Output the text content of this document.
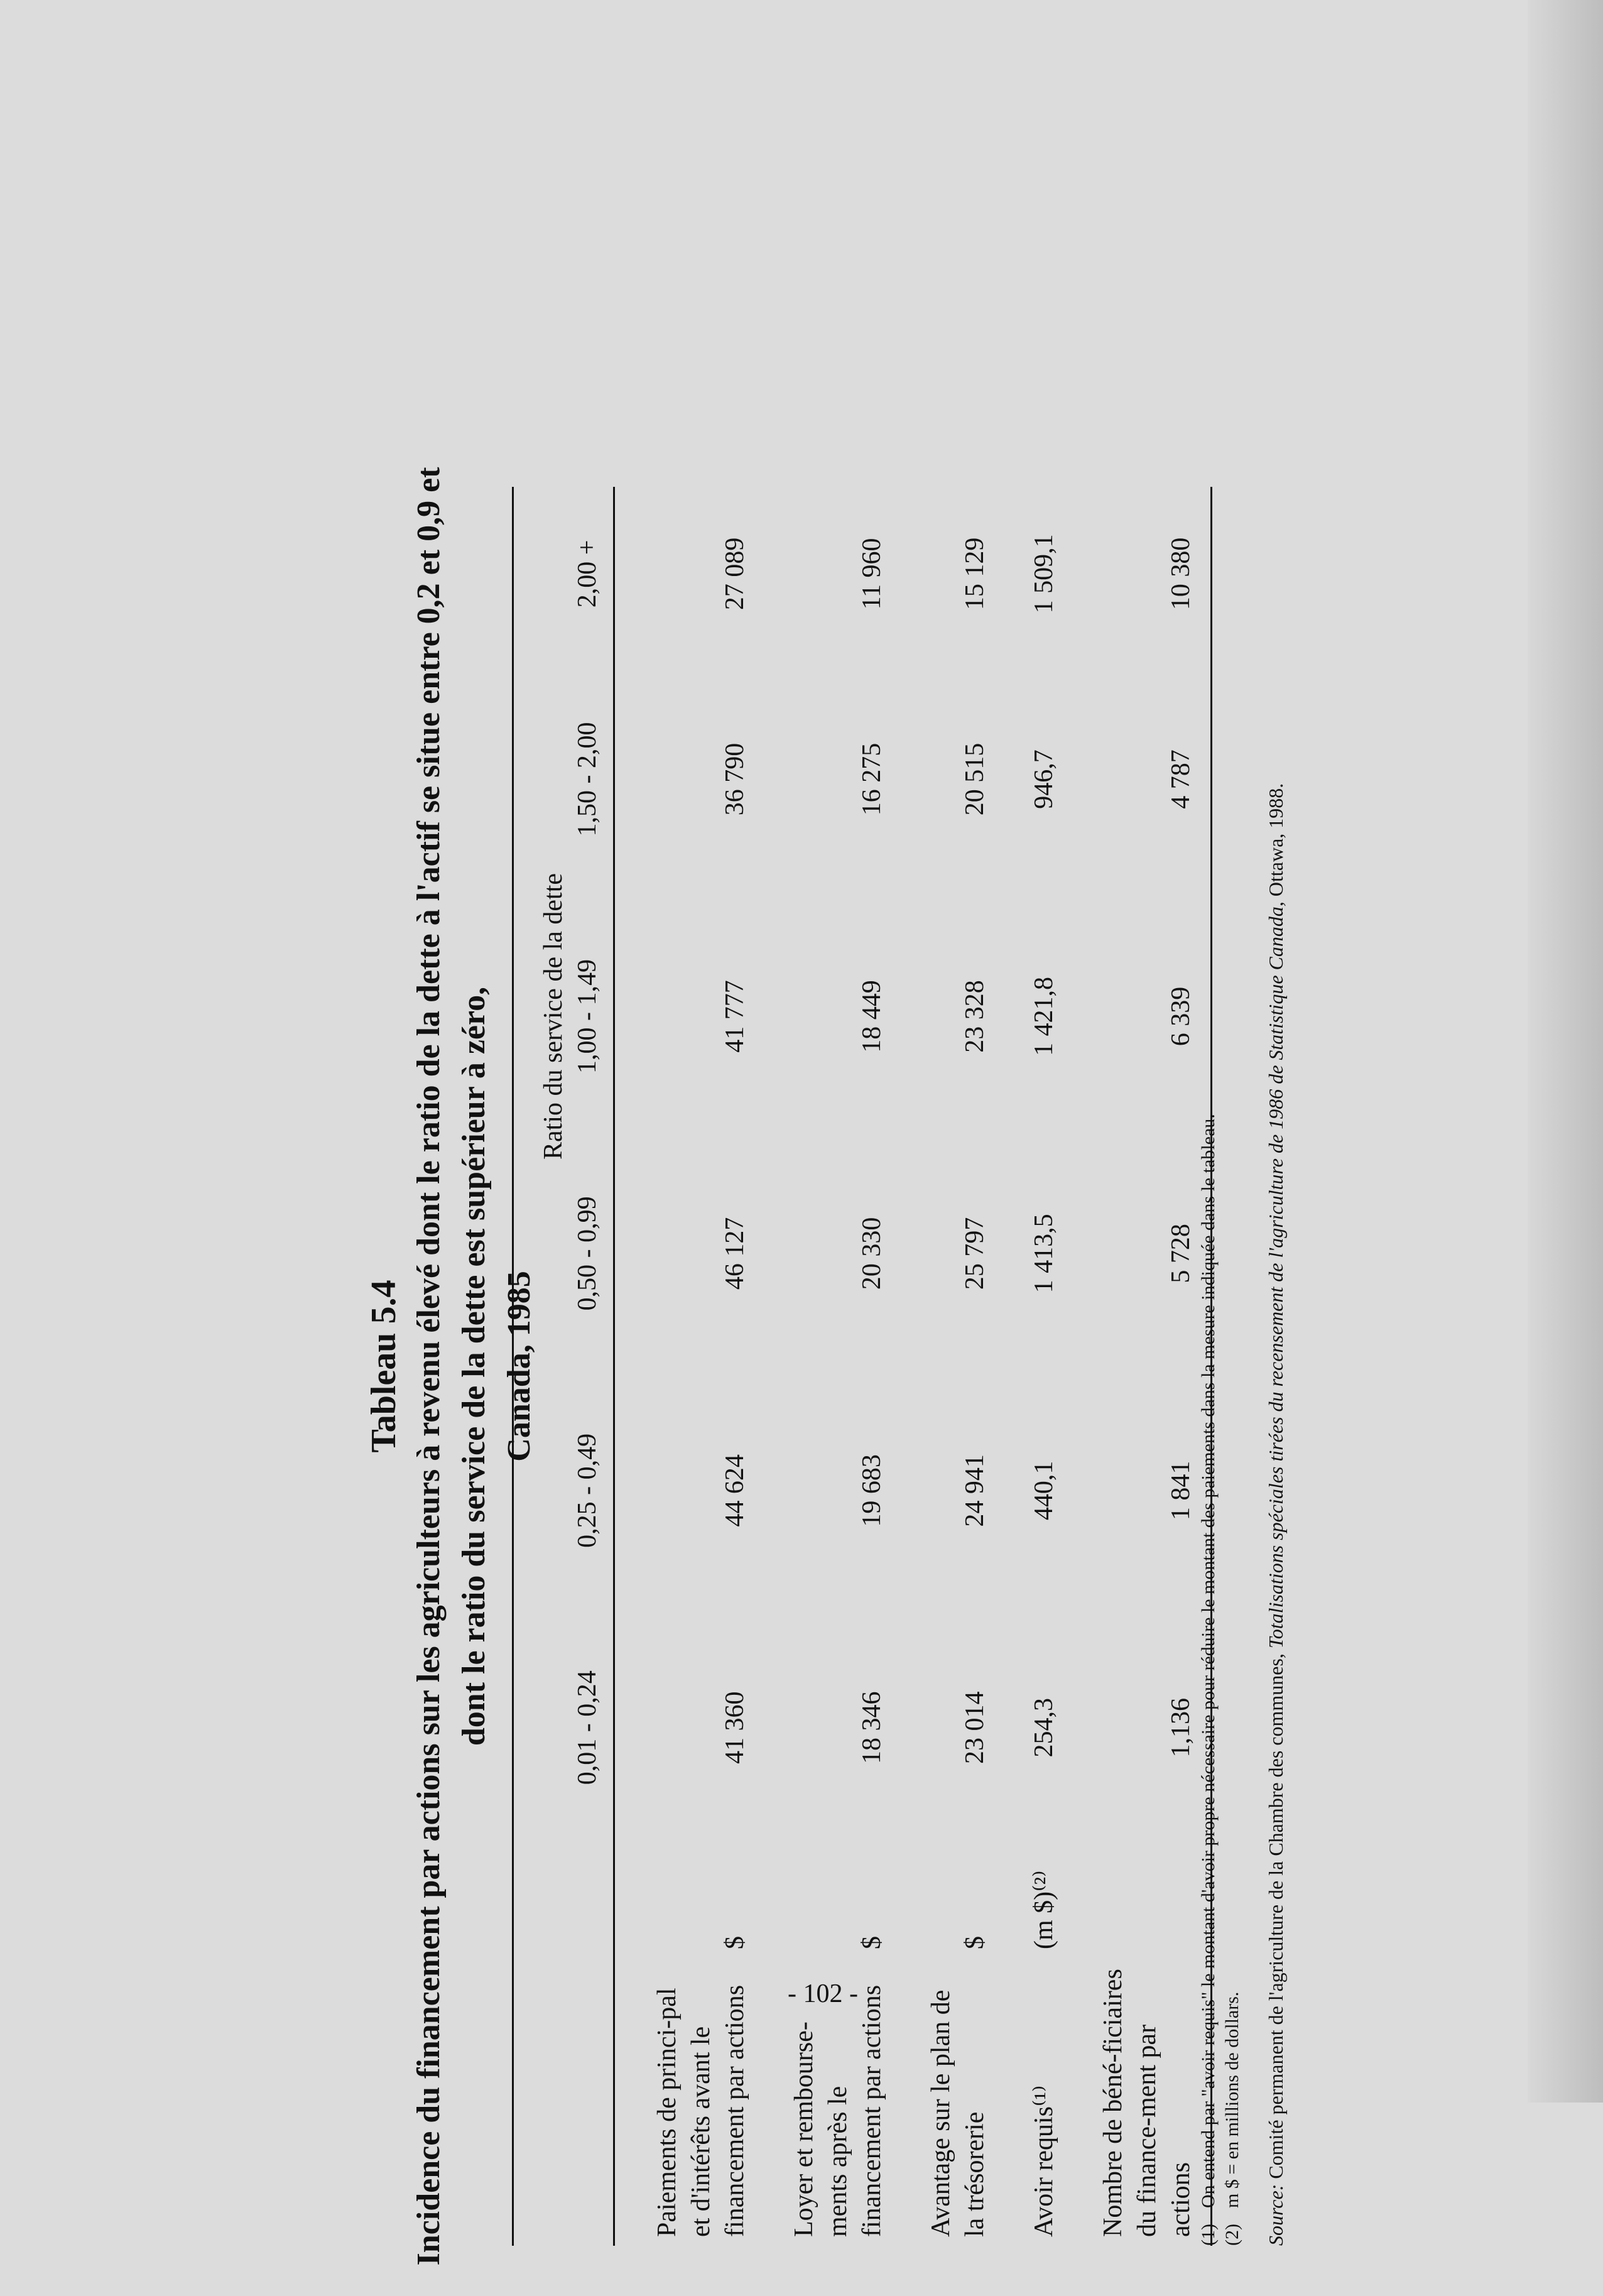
Tableau 5.4 Incidence du financement par actions sur les agriculteurs à revenu élevé dont le ratio de la dette à l'actif se situe entre 0,2 et 0,9 et dont le ratio du service de la dette est supérieur à zéro, Canada, 1985

				Ratio du service de la dette			
		0,01 - 0,24	0,25 - 0,49	0,50 - 0,99	1,00 - 1,49	1,50 - 2,00	2,00 +
Paiements de princi-pal et d'intérêts avant le financement par actions	$	41 360	44 624	46 127	41 777	36 790	27 089
Loyer et rembourse-ments après le financement par actions	$	18 346	19 683	20 330	18 449	16 275	11 960
Avantage sur le plan de la trésorerie	$	23 014	24 941	25 797	23 328	20 515	15 129
Avoir requis⁽¹⁾	(m $)⁽²⁾	254,3	440,1	1 413,5	1 421,8	946,7	1 509,1
Nombre de béné-ficiaires du finance-ment par actions		1,136	1 841	5 728	6 339	4 787	10 380

(1)
On entend par "avoir requis" le montant d'avoir propre nécessaire pour réduire le montant des paiements dans la mesure indiquée dans le tableau.
(2)
m $ = en millions de dollars.
Source: Comité permanent de l'agriculture de la Chambre des communes, Totalisations spéciales tirées du recensement de l'agriculture de 1986 de Statistique Canada, Ottawa, 1988.
- 102 -
